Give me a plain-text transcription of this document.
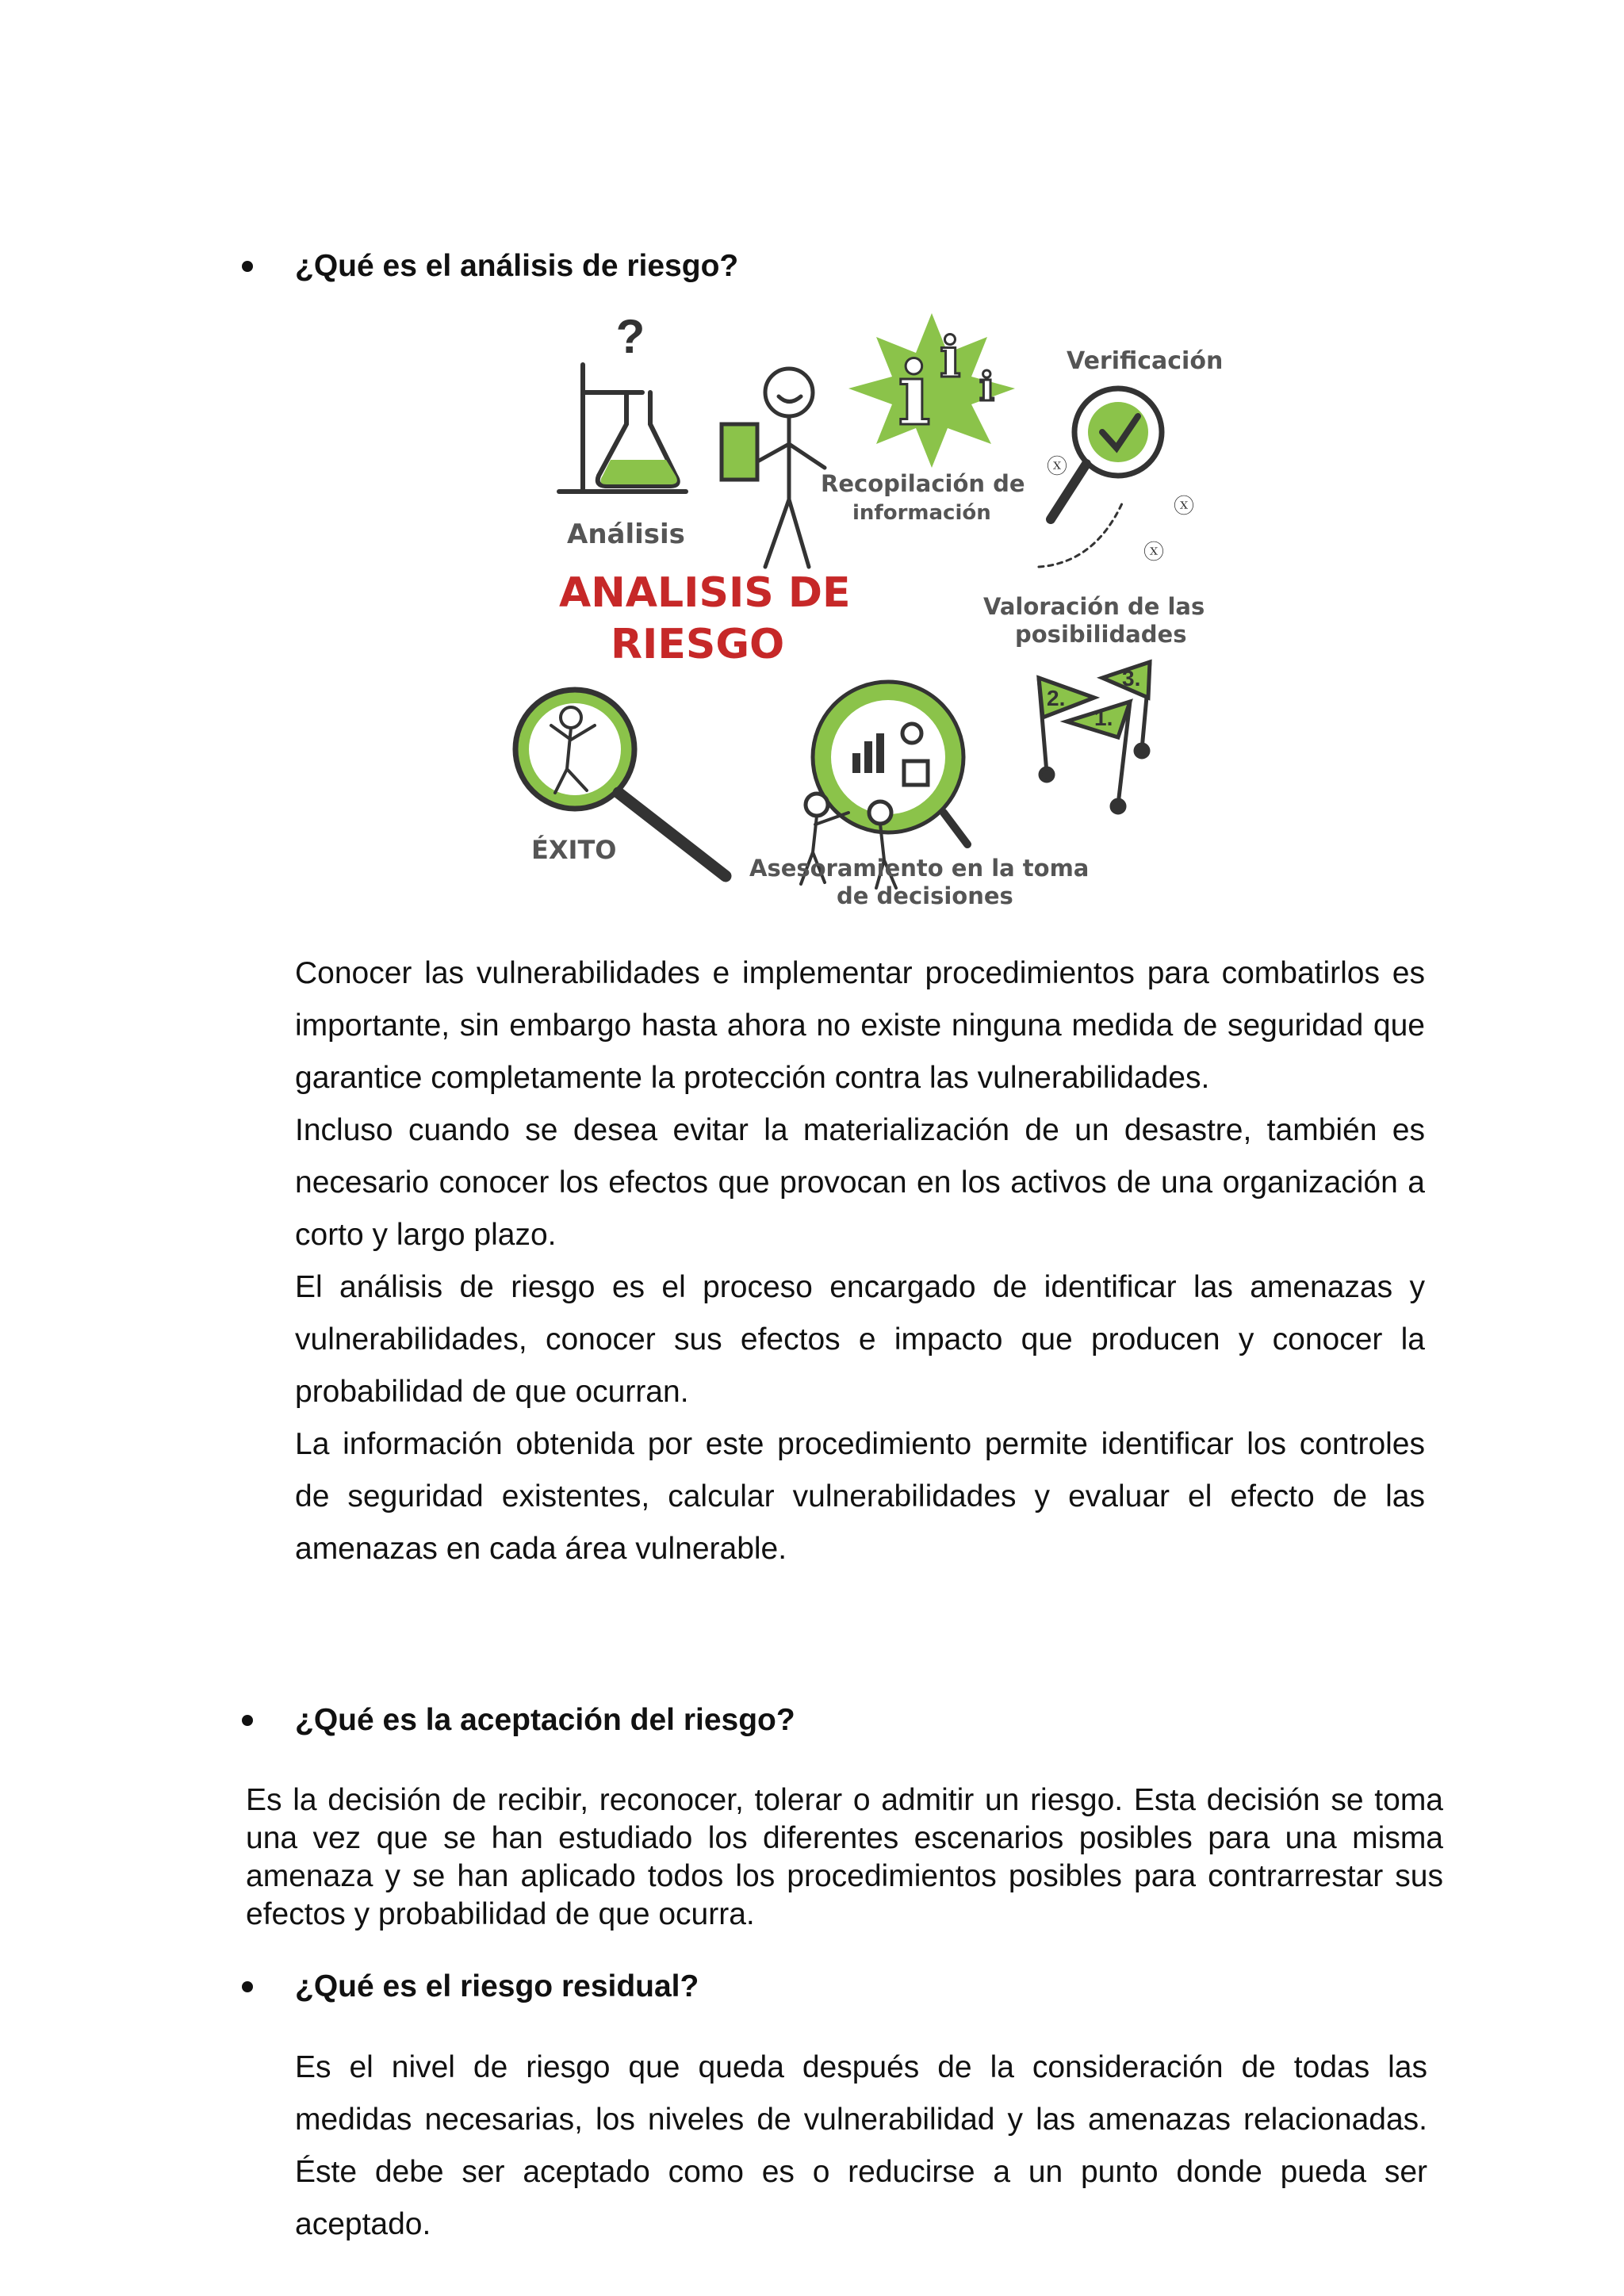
¿Qué es el análisis de riesgo?
?
Análisis
i i i
Recopilación de
información
Verificación
ⓧ
ⓧ
ⓧ
ANALISIS DE
RIESGO
Valoración de las
posibilidades
2.
3.
1.
ÉXITO
Asesoramiento en la toma
de decisiones

Conocer las vulnerabilidades e implementar procedimientos para combatirlos es importante, sin embargo hasta ahora no existe ninguna medida de seguridad que garantice completamente la protección contra las vulnerabilidades.

Incluso cuando se desea evitar la materialización de un desastre, también es necesario conocer los efectos que provocan en los activos de una organización a corto y largo plazo.

El análisis de riesgo es el proceso encargado de identificar las amenazas y vulnerabilidades, conocer sus efectos e impacto que producen y conocer la probabilidad de que ocurran.

La información obtenida por este procedimiento permite identificar los controles de seguridad existentes, calcular vulnerabilidades y evaluar el efecto de las amenazas en cada área vulnerable.

¿Qué es la aceptación del riesgo?

Es la decisión de recibir, reconocer, tolerar o admitir un riesgo. Esta decisión se toma una vez que se han estudiado los diferentes escenarios posibles para una misma amenaza y se han aplicado todos los procedimientos posibles para contrarrestar sus efectos y probabilidad de que ocurra.

¿Qué es el riesgo residual?

Es el nivel de riesgo que queda después de la consideración de todas las medidas necesarias, los niveles de vulnerabilidad y las amenazas relacionadas. Éste debe ser aceptado como es o reducirse a un punto donde pueda ser aceptado.
